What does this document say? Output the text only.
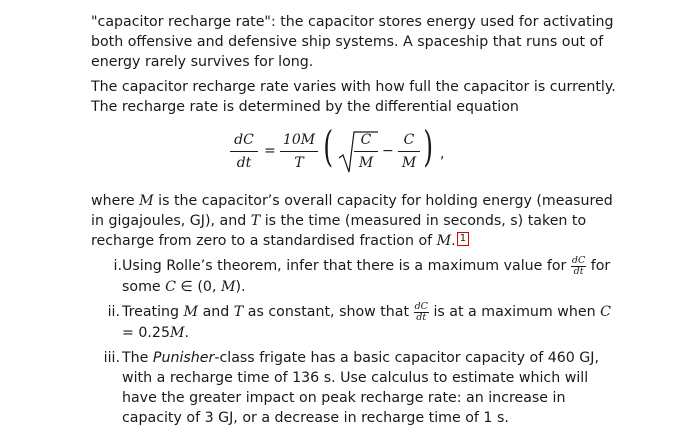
"capacitor recharge rate": the capacitor stores energy used for activating both offensive and defensive ship systems. A spaceship that runs out of energy rarely survives for long.

The capacitor recharge rate varies with how full the capacitor is currently. The recharge rate is determined by the differential equation

dC
dt
=
10M
T (	C
M
−
C
M ) ,

where M is the capacitor’s overall capacity for holding energy (measured in gigajoules, GJ), and T is the time (measured in seconds, s) taken to recharge from zero to a standardised fraction of M. 1

i. Using Rolle’s theorem, infer that there is a maximum value for $\frac{dC}{dt}$ for some C ∈ (0, M).
ii. Treating M and T as constant, show that $\frac{dC}{dt}$ is at a maximum when C = 0.25M.
iii. The Punisher-class frigate has a basic capacitor capacity of 460 GJ, with a recharge time of 136 s. Use calculus to estimate which will have the greater impact on peak recharge rate: an increase in capacity of 3 GJ, or a decrease in recharge time of 1 s.
